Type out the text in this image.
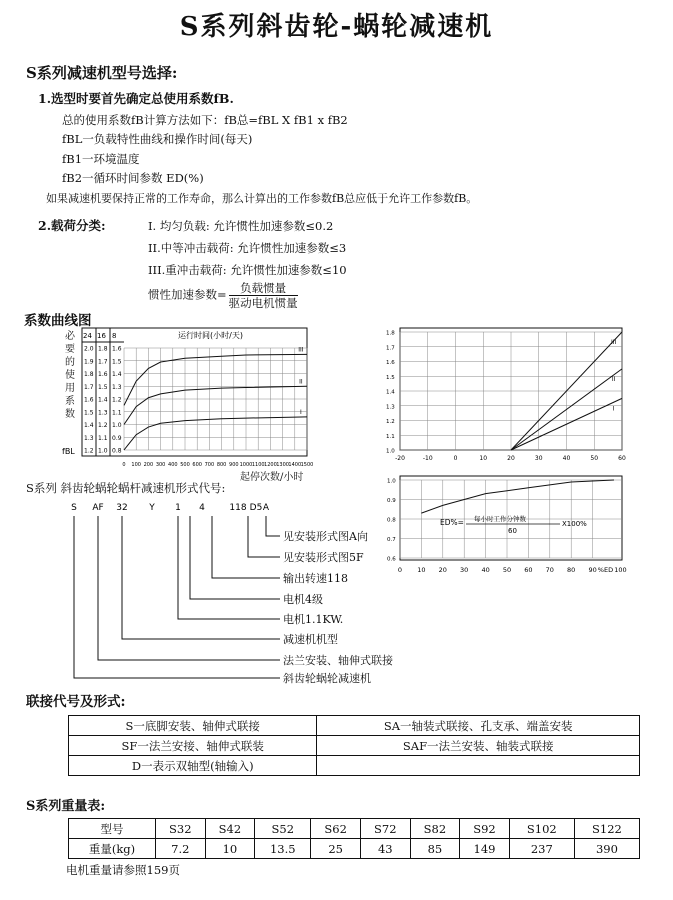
S系列斜齿轮-蜗轮减速机
S系列减速机型号选择:
1.选型时要首先确定总使用系数fB.
总的使用系数fB计算方法如下：fB总=fBL X fB1 x fB2
fBL一负载特性曲线和操作时间(每天)
fB1一环境温度
fB2一循环时间参数 ED(%)
如果减速机要保持正常的工作寿命，那么计算出的工作参数fB总应低于允许工作参数fB。
2.载荷分类:	I. 均匀负载: 允许惯性加速参数≤0.2
II.中等冲击载荷: 允许惯性加速参数≤3
III.重冲击载荷: 允许惯性加速参数≤10
惯性加速参数= $\frac{\text{负载惯量}}{\text{驱动电机惯量}}$
系数曲线图
24 16 8	运行时间(小时/天)
fBL
2.0
1.9
1.8
1.7
1.6
1.5
1.4
1.3
1.2
1.8
1.7
1.6
1.5
1.4
1.3
1.2
1.1
1.0
1.6
1.5
1.4
1.3
1.2
1.1
1.0
0.9
0.8
0 100 200 300 400 500 600 700 800 900 1000 1100 1200 1300 1400 1500
III
II
I
必要的使用系数
起停次数/小时
1.8
1.7
1.6
1.5
1.4
1.3
1.2
1.1
1.0
-20	-10	0	10	20	30	40	50	60
III
II
I
1.0
0.9
0.8
0.7
0.6
0 10 20 30 40 50 60 70 80 90 %ED 100
ED%= 每小时工作分钟数
60
X100%
S系列 斜齿轮蜗轮蜗杆减速机形式代号:
S AF 32 Y 1 4	118 D5 A
见安装形式图A向
见安装形式图5F
输出转速118
电机4级
电机1.1KW.
减速机机型
法兰安装、轴伸式联接
斜齿轮蜗轮减速机
联接代号及形式:
S一底脚安装、轴伸式联接	SA一轴装式联接、孔支承、端盖安装
SF一法兰安接、轴伸式联装	SAF一法兰安装、轴装式联接
D一表示双轴型(轴输入)	
S系列重量表:
型号	S32	S42	S52	S62	S72	S82	S92	S102	S122
重量(kg)	7.2	10	13.5	25	43	85	149	237	390
电机重量请参照159页
